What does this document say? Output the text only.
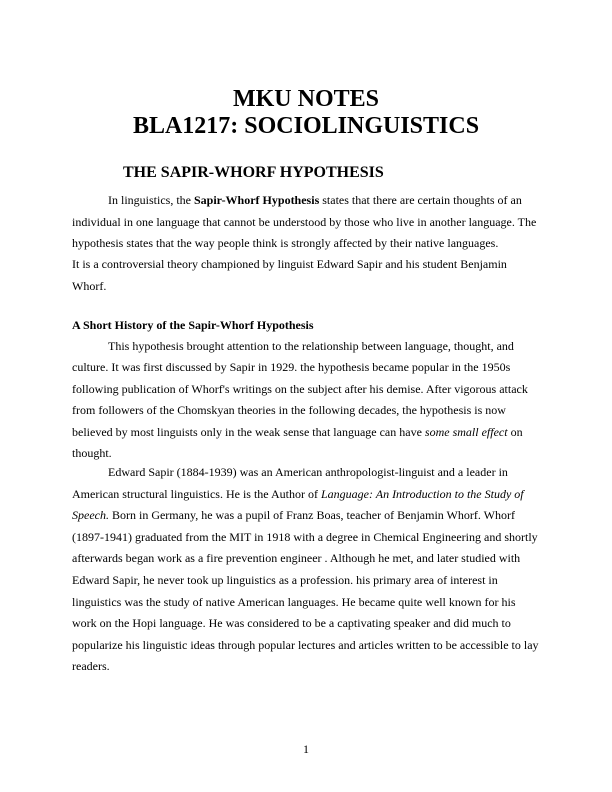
MKU NOTES
BLA1217: SOCIOLINGUISTICS
THE SAPIR-WHORF HYPOTHESIS
In linguistics, the Sapir-Whorf Hypothesis states that there are certain thoughts of an
individual in one language that cannot be understood by those who live in another language. The
hypothesis states that the way people think is strongly affected by their native languages.
It is a controversial theory championed by linguist Edward Sapir and his student Benjamin
Whorf.
A Short History of the Sapir-Whorf Hypothesis
This hypothesis brought attention to the relationship between language, thought, and
culture. It was first discussed by Sapir in 1929. the hypothesis became popular in the 1950s
following publication of Whorf's writings on the subject after his demise. After vigorous attack
from followers of the Chomskyan theories in the following decades, the hypothesis is now
believed by most linguists only in the weak sense that language can have some small effect on
thought.
Edward Sapir (1884-1939) was an American anthropologist-linguist and a leader in
American structural linguistics. He is the Author of Language: An Introduction to the Study of
Speech. Born in Germany, he was a pupil of Franz Boas, teacher of Benjamin Whorf. Whorf
(1897-1941) graduated from the MIT in 1918 with a degree in Chemical Engineering and shortly
afterwards began work as a fire prevention engineer . Although he met, and later studied with
Edward Sapir, he never took up linguistics as a profession. his primary area of interest in
linguistics was the study of native American languages. He became quite well known for his
work on the Hopi language. He was considered to be a captivating speaker and did much to
popularize his linguistic ideas through popular lectures and articles written to be accessible to lay
readers.
1
